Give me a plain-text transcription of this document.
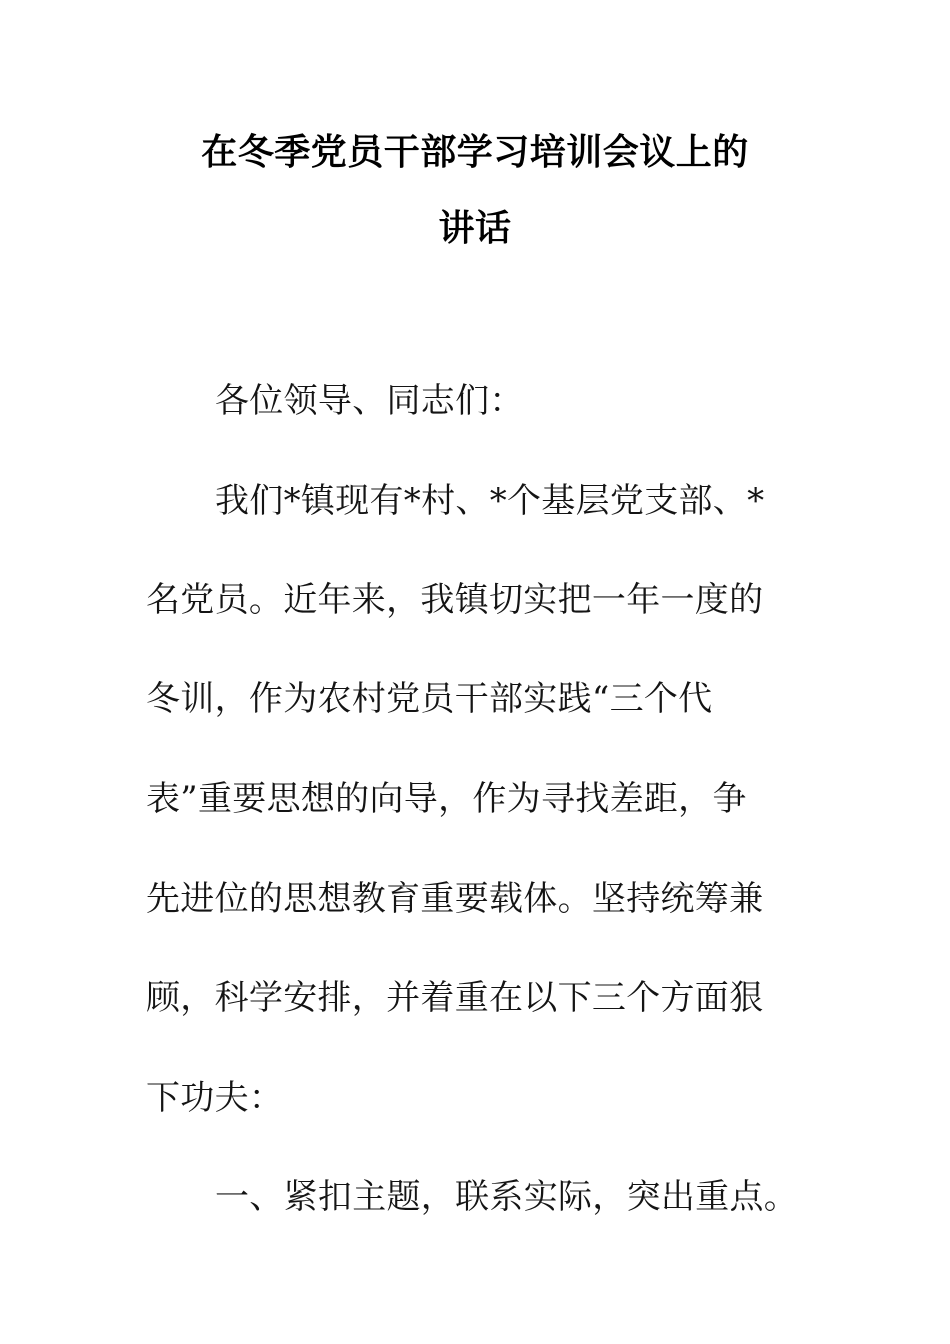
在冬季党员干部学习培训会议上的
讲话
各位领导、同志们：
我们*镇现有*村、*个基层党支部、*
名党员。近年来，我镇切实把一年一度的
冬训，作为农村党员干部实践“三个代
表”重要思想的向导，作为寻找差距，争
先进位的思想教育重要载体。坚持统筹兼
顾，科学安排，并着重在以下三个方面狠
下功夫：
一、紧扣主题，联系实际，突出重点。
